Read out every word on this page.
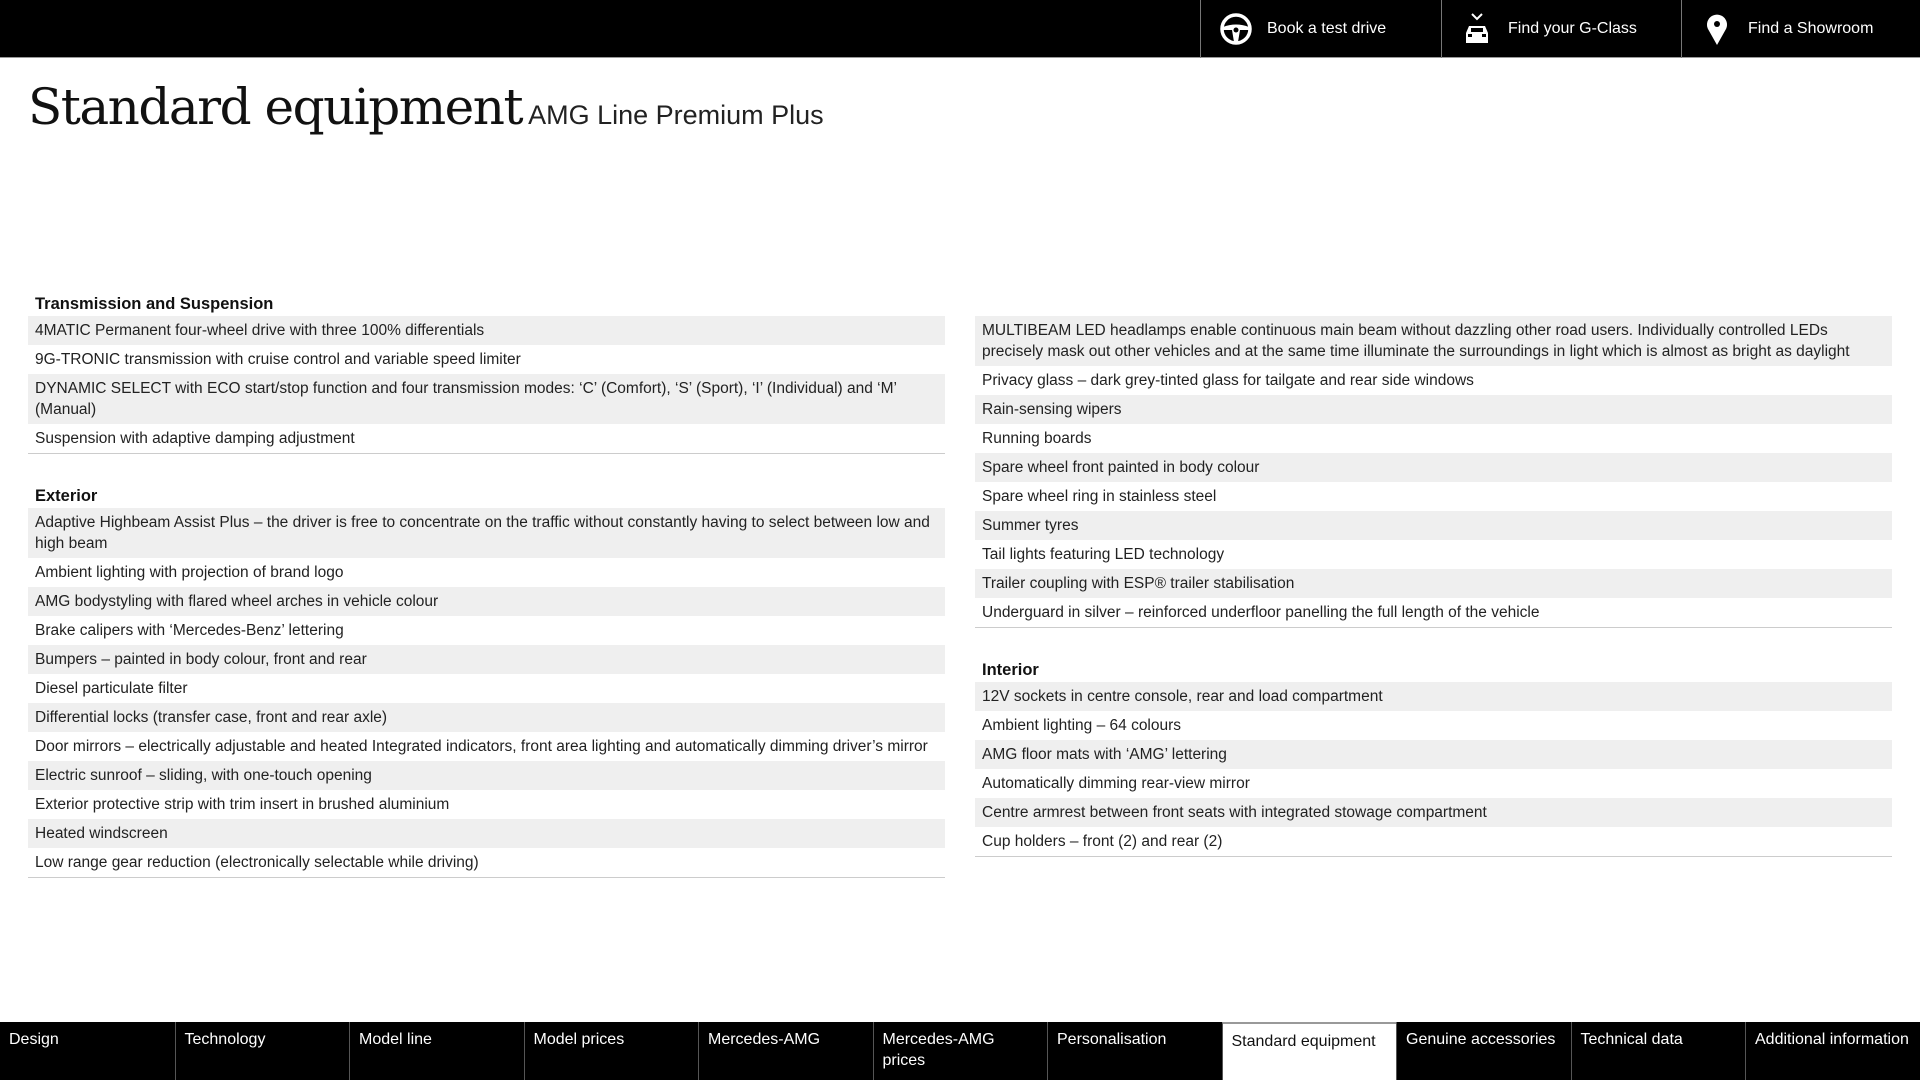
Book a test drive	Find your G-Class	Find a Showroom
Standard equipment AMG Line Premium Plus
Transmission and Suspension
4MATIC Permanent four-wheel drive with three 100% differentials
9G-TRONIC transmission with cruise control and variable speed limiter
DYNAMIC SELECT with ECO start/stop function and four transmission modes: ‘C’ (Comfort), ‘S’ (Sport), ‘I’ (Individual) and ‘M’ (Manual)
Suspension with adaptive damping adjustment
Exterior
Adaptive Highbeam Assist Plus – the driver is free to concentrate on the traffic without constantly having to select between low and high beam
Ambient lighting with projection of brand logo
AMG bodystyling with flared wheel arches in vehicle colour
Brake calipers with ‘Mercedes-Benz’ lettering
Bumpers – painted in body colour, front and rear
Diesel particulate filter
Differential locks (transfer case, front and rear axle)
Door mirrors – electrically adjustable and heated Integrated indicators, front area lighting and automatically dimming driver’s mirror
Electric sunroof – sliding, with one-touch opening
Exterior protective strip with trim insert in brushed aluminium
Heated windscreen
Low range gear reduction (electronically selectable while driving)
MULTIBEAM LED headlamps enable continuous main beam without dazzling other road users. Individually controlled LEDs precisely mask out other vehicles and at the same time illuminate the surroundings in light which is almost as bright as daylight
Privacy glass – dark grey-tinted glass for tailgate and rear side windows
Rain-sensing wipers
Running boards
Spare wheel front painted in body colour
Spare wheel ring in stainless steel
Summer tyres
Tail lights featuring LED technology
Trailer coupling with ESP® trailer stabilisation
Underguard in silver – reinforced underfloor panelling the full length of the vehicle
Interior
12V sockets in centre console, rear and load compartment
Ambient lighting – 64 colours
AMG floor mats with ‘AMG’ lettering
Automatically dimming rear-view mirror
Centre armrest between front seats with integrated stowage compartment
Cup holders – front (2) and rear (2)
Design	Technology	Model line	Model prices	Mercedes-AMG	Mercedes-AMG prices
Personalisation	Standard equipment	Genuine accessories	Technical data	Additional information
